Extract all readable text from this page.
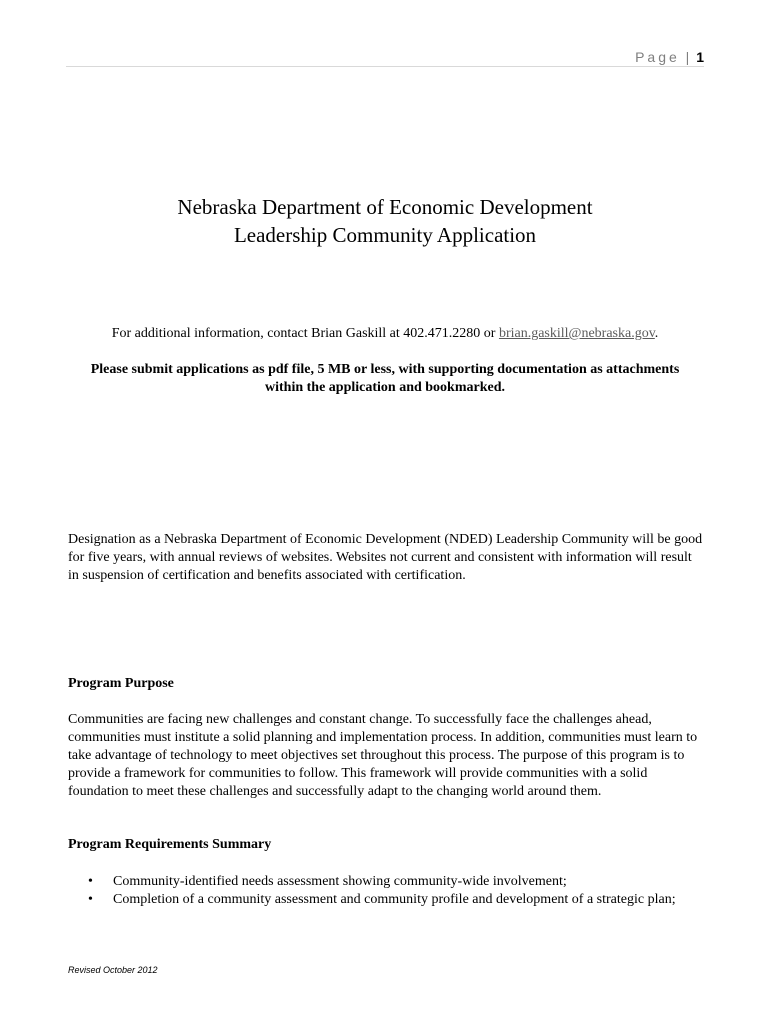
Page | 1
Nebraska Department of Economic Development
Leadership Community Application
For additional information, contact Brian Gaskill at 402.471.2280 or brian.gaskill@nebraska.gov.
Please submit applications as pdf file, 5 MB or less, with supporting documentation as attachments within the application and bookmarked.
Designation as a Nebraska Department of Economic Development (NDED) Leadership Community will be good for five years, with annual reviews of websites. Websites not current and consistent with information will result in suspension of certification and benefits associated with certification.
Program Purpose
Communities are facing new challenges and constant change. To successfully face the challenges ahead, communities must institute a solid planning and implementation process. In addition, communities must learn to take advantage of technology to meet objectives set throughout this process. The purpose of this program is to provide a framework for communities to follow. This framework will provide communities with a solid foundation to meet these challenges and successfully adapt to the changing world around them.
Program Requirements Summary
• Community-identified needs assessment showing community-wide involvement;
• Completion of a community assessment and community profile and development of a strategic plan;
Revised October 2012
